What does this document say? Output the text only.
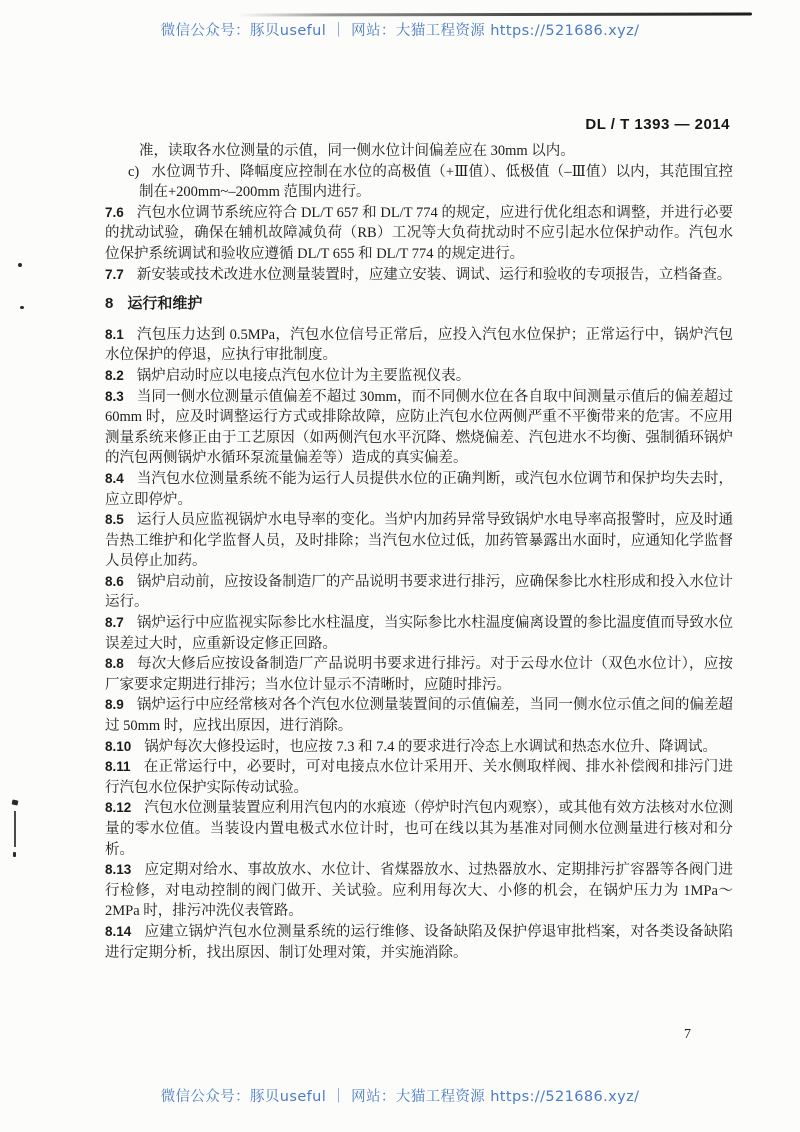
微信公众号：豚贝useful ｜ 网站：大猫工程资源 https://521686.xyz/
DL / T 1393 — 2014

准，读取各水位测量的示值，同一侧水位计间偏差应在 30mm 以内。

c) 水位调节升、降幅度应控制在水位的高极值（+Ⅲ值）、低极值（–Ⅲ值）以内，其范围宜控制在+200mm~–200mm 范围内进行。

7.6 汽包水位调节系统应符合 DL/T 657 和 DL/T 774 的规定，应进行优化组态和调整，并进行必要的扰动试验，确保在辅机故障减负荷（RB）工况等大负荷扰动时不应引起水位保护动作。汽包水位保护系统调试和验收应遵循 DL/T 655 和 DL/T 774 的规定进行。

7.7 新安装或技术改进水位测量装置时，应建立安装、调试、运行和验收的专项报告，立档备查。

8 运行和维护

8.1 汽包压力达到 0.5MPa，汽包水位信号正常后，应投入汽包水位保护；正常运行中，锅炉汽包水位保护的停退，应执行审批制度。

8.2 锅炉启动时应以电接点汽包水位计为主要监视仪表。

8.3 当同一侧水位测量示值偏差不超过 30mm，而不同侧水位在各自取中间测量示值后的偏差超过 60mm 时，应及时调整运行方式或排除故障，应防止汽包水位两侧严重不平衡带来的危害。不应用测量系统来修正由于工艺原因（如两侧汽包水平沉降、燃烧偏差、汽包进水不均衡、强制循环锅炉的汽包两侧锅炉水循环泵流量偏差等）造成的真实偏差。

8.4 当汽包水位测量系统不能为运行人员提供水位的正确判断，或汽包水位调节和保护均失去时，应立即停炉。

8.5 运行人员应监视锅炉水电导率的变化。当炉内加药异常导致锅炉水电导率高报警时，应及时通告热工维护和化学监督人员，及时排除；当汽包水位过低，加药管暴露出水面时，应通知化学监督人员停止加药。

8.6 锅炉启动前，应按设备制造厂的产品说明书要求进行排污，应确保参比水柱形成和投入水位计运行。

8.7 锅炉运行中应监视实际参比水柱温度，当实际参比水柱温度偏离设置的参比温度值而导致水位误差过大时，应重新设定修正回路。

8.8 每次大修后应按设备制造厂产品说明书要求进行排污。对于云母水位计（双色水位计），应按厂家要求定期进行排污；当水位计显示不清晰时，应随时排污。

8.9 锅炉运行中应经常核对各个汽包水位测量装置间的示值偏差，当同一侧水位示值之间的偏差超过 50mm 时，应找出原因，进行消除。

8.10 锅炉每次大修投运时，也应按 7.3 和 7.4 的要求进行冷态上水调试和热态水位升、降调试。

8.11 在正常运行中，必要时，可对电接点水位计采用开、关水侧取样阀、排水补偿阀和排污门进行汽包水位保护实际传动试验。

8.12 汽包水位测量装置应利用汽包内的水痕迹（停炉时汽包内观察），或其他有效方法核对水位测量的零水位值。当装设内置电极式水位计时，也可在线以其为基准对同侧水位测量进行核对和分析。

8.13 应定期对给水、事故放水、水位计、省煤器放水、过热器放水、定期排污扩容器等各阀门进行检修，对电动控制的阀门做开、关试验。应利用每次大、小修的机会，在锅炉压力为 1MPa～2MPa 时，排污冲洗仪表管路。

8.14 应建立锅炉汽包水位测量系统的运行维修、设备缺陷及保护停退审批档案，对各类设备缺陷进行定期分析，找出原因、制订处理对策，并实施消除。

7
微信公众号：豚贝useful ｜ 网站：大猫工程资源 https://521686.xyz/
